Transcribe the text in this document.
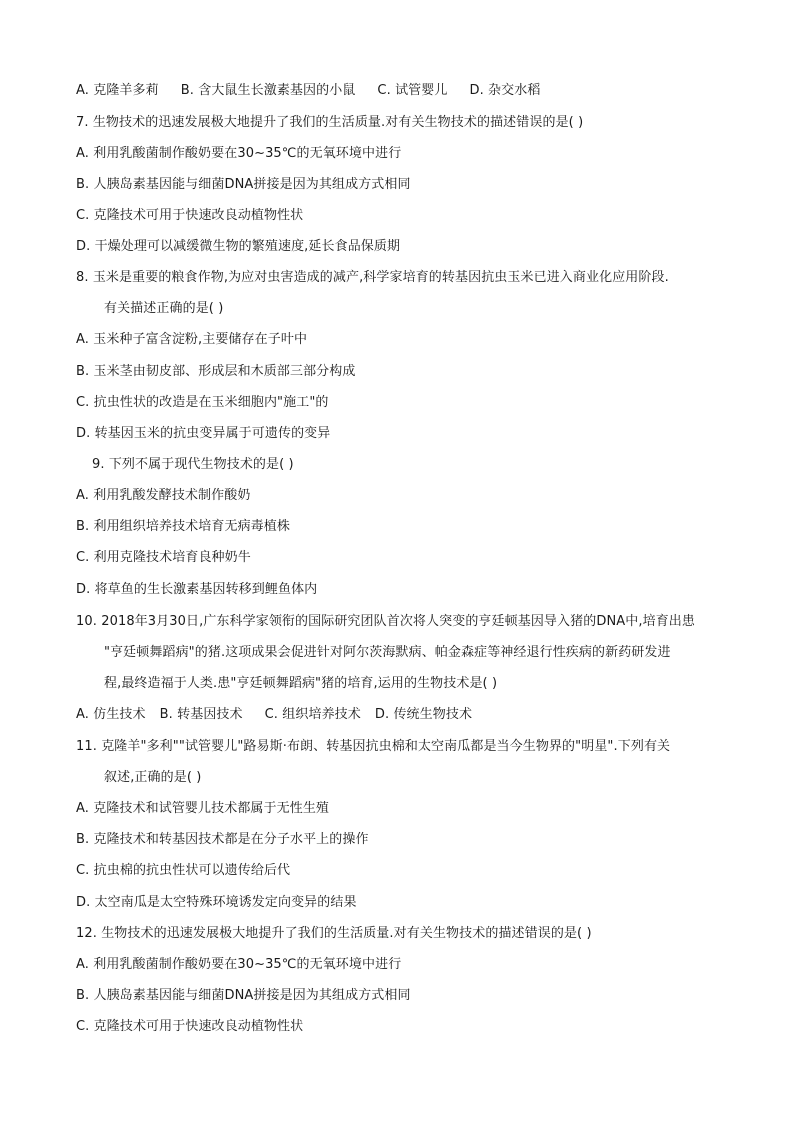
A. 克隆羊多莉 B. 含大鼠生长激素基因的小鼠 C. 试管婴儿 D. 杂交水稻
7. 生物技术的迅速发展极大地提升了我们的生活质量.对有关生物技术的描述错误的是( )
A. 利用乳酸菌制作酸奶要在30~35℃的无氧环境中进行
B. 人胰岛素基因能与细菌DNA拼接是因为其组成方式相同
C. 克隆技术可用于快速改良动植物性状
D. 干燥处理可以减缓微生物的繁殖速度,延长食品保质期
8. 玉米是重要的粮食作物,为应对虫害造成的减产,科学家培育的转基因抗虫玉米已进入商业化应用阶段.
有关描述正确的是( )
A. 玉米种子富含淀粉,主要储存在子叶中
B. 玉米茎由韧皮部、形成层和木质部三部分构成
C. 抗虫性状的改造是在玉米细胞内"施工"的
D. 转基因玉米的抗虫变异属于可遗传的变异
9. 下列不属于现代生物技术的是( )
A. 利用乳酸发酵技术制作酸奶
B. 利用组织培养技术培育无病毒植株
C. 利用克隆技术培育良种奶牛
D. 将草鱼的生长激素基因转移到鲤鱼体内
10. 2018年3月30日,广东科学家领衔的国际研究团队首次将人突变的亨廷顿基因导入猪的DNA中,培育出患
"亨廷顿舞蹈病"的猪.这项成果会促进针对阿尔茨海默病、帕金森症等神经退行性疾病的新药研发进
程,最终造福于人类.患"亨廷顿舞蹈病"猪的培育,运用的生物技术是( )
A. 仿生技术 B. 转基因技术 C. 组织培养技术 D. 传统生物技术
11. 克隆羊"多利""试管婴儿"路易斯·布朗、转基因抗虫棉和太空南瓜都是当今生物界的"明星".下列有关
叙述,正确的是( )
A. 克隆技术和试管婴儿技术都属于无性生殖
B. 克隆技术和转基因技术都是在分子水平上的操作
C. 抗虫棉的抗虫性状可以遗传给后代
D. 太空南瓜是太空特殊环境诱发定向变异的结果
12. 生物技术的迅速发展极大地提升了我们的生活质量.对有关生物技术的描述错误的是( )
A. 利用乳酸菌制作酸奶要在30~35℃的无氧环境中进行
B. 人胰岛素基因能与细菌DNA拼接是因为其组成方式相同
C. 克隆技术可用于快速改良动植物性状
